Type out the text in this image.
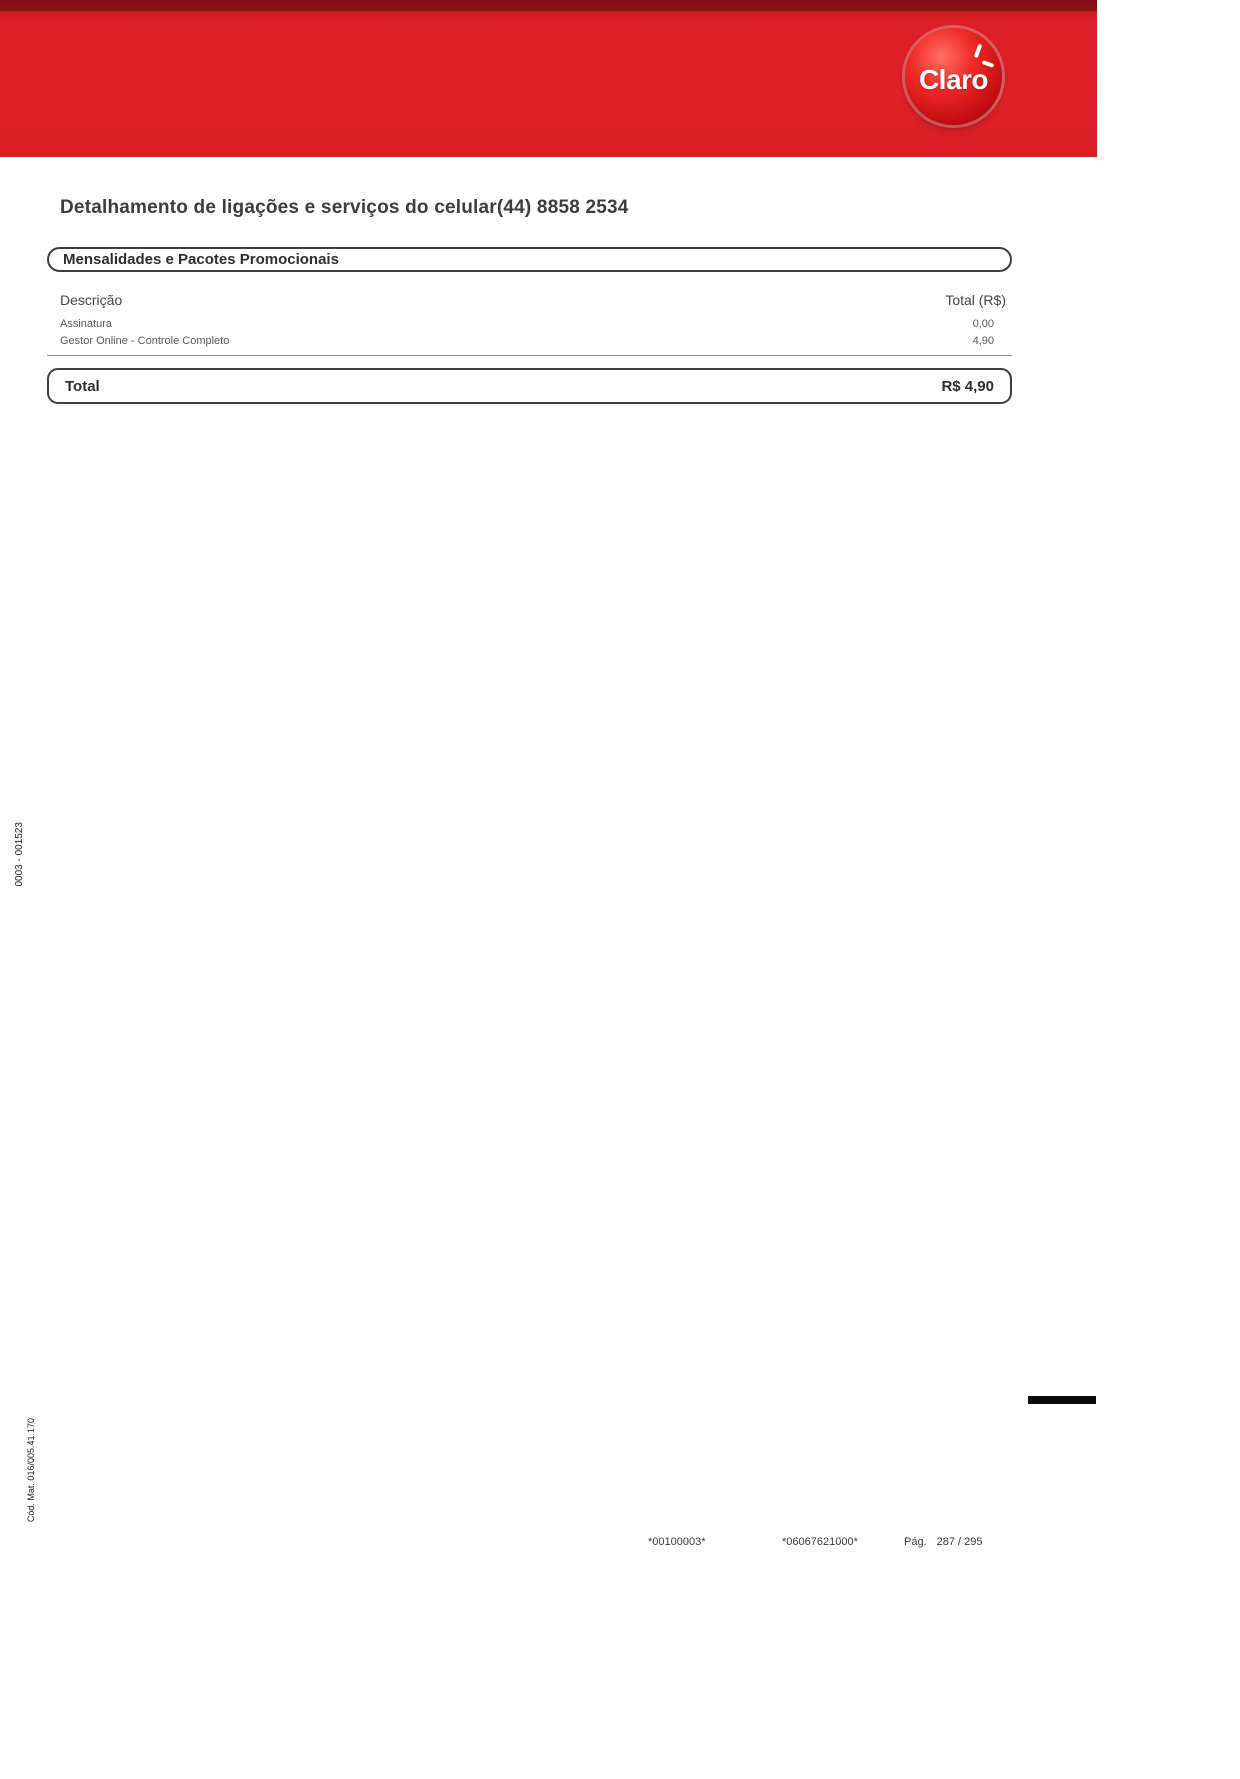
Claro
Detalhamento de ligações e serviços do celular(44) 8858 2534
Mensalidades e Pacotes Promocionais
Descrição	Total (R$)
Assinatura	0,00
Gestor Online - Controle Completo	4,90
Total	R$ 4,90
0003 - 001523
Cód. Mat. 016/005.41.170
*00100003*	*06067621000*	Pág. 287 / 295
